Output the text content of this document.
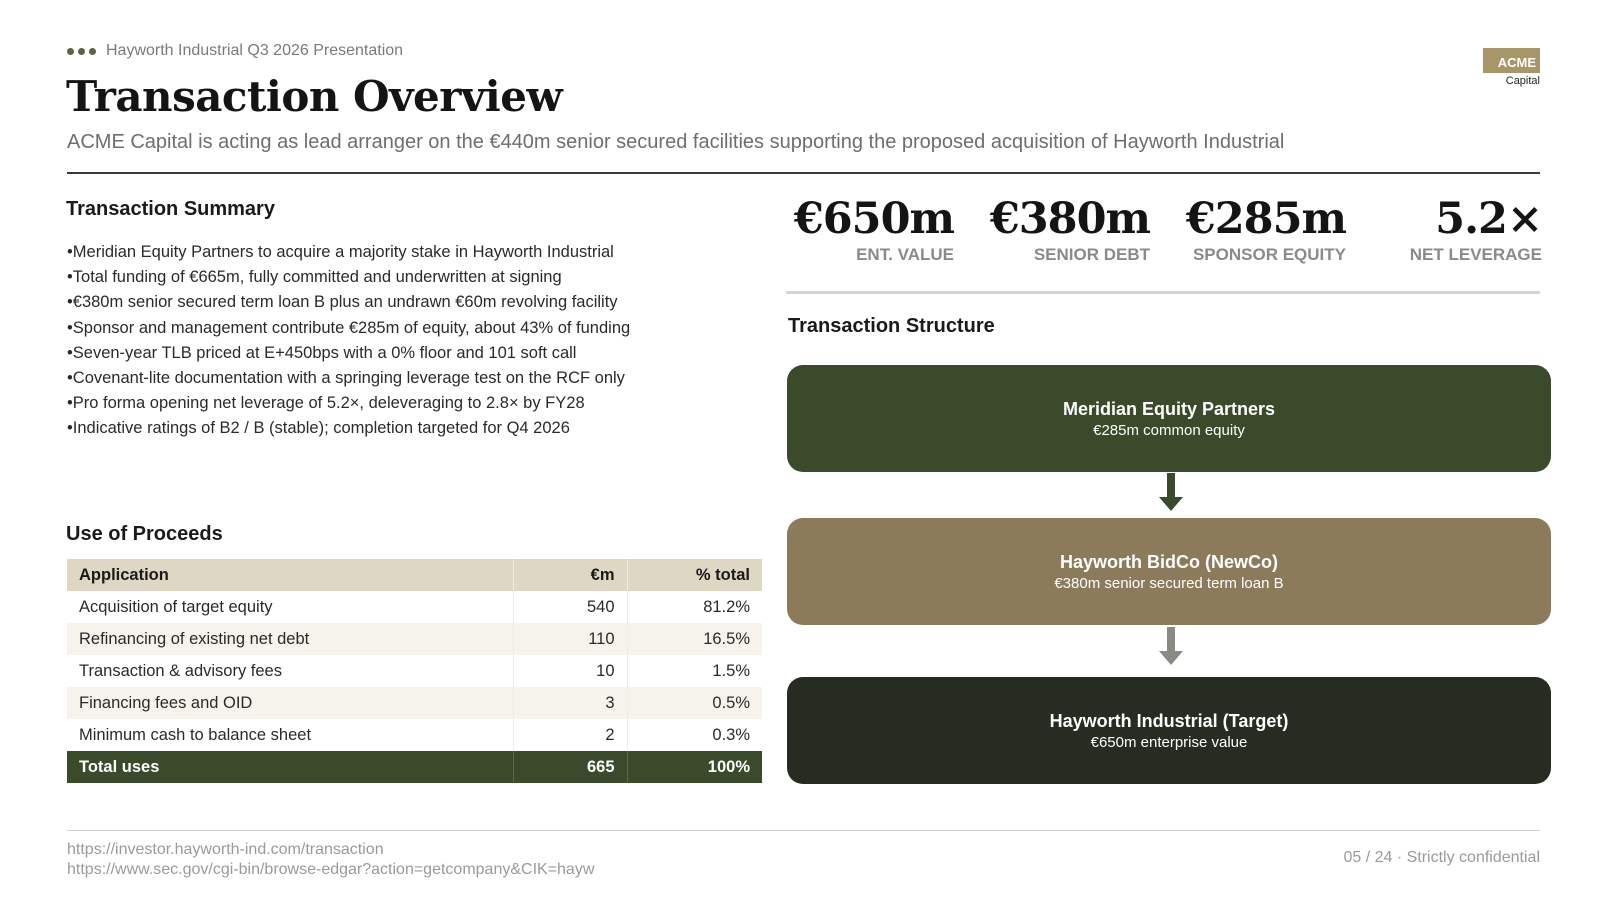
Hayworth Industrial Q3 2026 Presentation
ACME
Capital
Transaction Overview
ACME Capital is acting as lead arranger on the €440m senior secured facilities supporting the proposed acquisition of Hayworth Industrial
Transaction Summary
•Meridian Equity Partners to acquire a majority stake in Hayworth Industrial
•Total funding of €665m, fully committed and underwritten at signing
•€380m senior secured term loan B plus an undrawn €60m revolving facility
•Sponsor and management contribute €285m of equity, about 43% of funding
•Seven-year TLB priced at E+450bps with a 0% floor and 101 soft call
•Covenant-lite documentation with a springing leverage test on the RCF only
•Pro forma opening net leverage of 5.2×, deleveraging to 2.8× by FY28
•Indicative ratings of B2 / B (stable); completion targeted for Q4 2026
Use of Proceeds
Application	€m	% total
Acquisition of target equity	540	81.2%
Refinancing of existing net debt	110	16.5%
Transaction & advisory fees	10	1.5%
Financing fees and OID	3	0.5%
Minimum cash to balance sheet	2	0.3%
Total uses	665	100%
€650m
ENT. VALUE
€380m
SENIOR DEBT
€285m
SPONSOR EQUITY
5.2×
NET LEVERAGE
Transaction Structure
Meridian Equity Partners
€285m common equity
Hayworth BidCo (NewCo)
€380m senior secured term loan B
Hayworth Industrial (Target)
€650m enterprise value
https://investor.hayworth-ind.com/transaction
https://www.sec.gov/cgi-bin/browse-edgar?action=getcompany&CIK=hayw
05 / 24 · Strictly confidential
